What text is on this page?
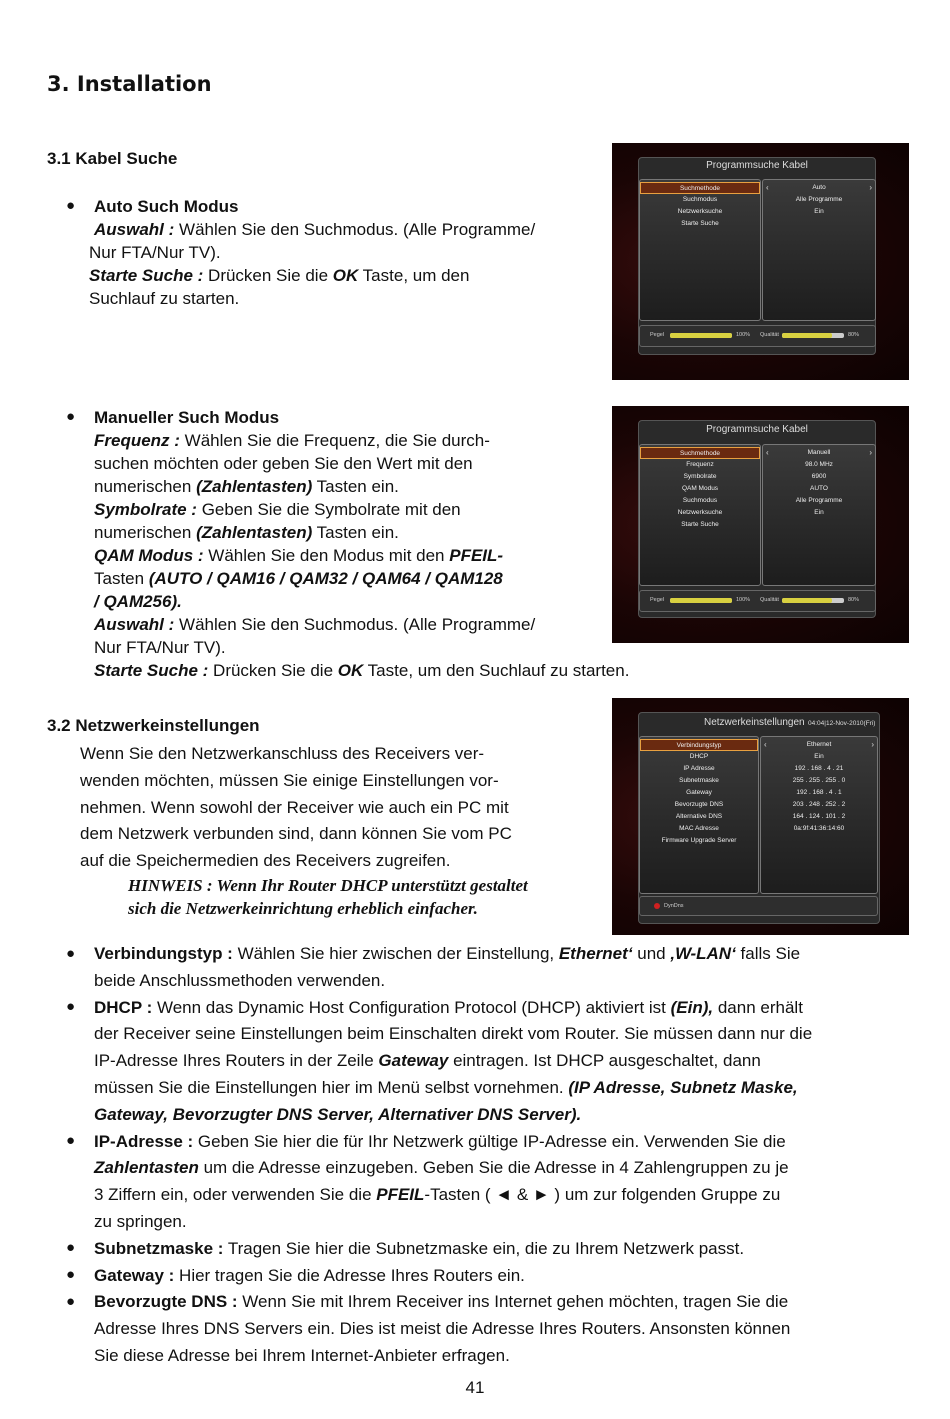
3. Installation
3.1 Kabel Suche
●
Auto Such Modus
Auswahl : Wählen Sie den Suchmodus. (Alle Programme/
Nur FTA/Nur TV).
Starte Suche : Drücken Sie die OK Taste, um den
Suchlauf zu starten.
Programmsuche Kabel
Suchmethode
Suchmodus
Netzwerksuche
Starte Suche
Auto
‹	›
Alle Programme
Ein
Pegel	100% Qualität	80%
●
Manueller Such Modus
Frequenz : Wählen Sie die Frequenz, die Sie durch-
suchen möchten oder geben Sie den Wert mit den
numerischen (Zahlentasten) Tasten ein.
Symbolrate : Geben Sie die Symbolrate mit den
numerischen (Zahlentasten) Tasten ein.
QAM Modus : Wählen Sie den Modus mit den PFEIL-
Tasten (AUTO / QAM16 / QAM32 / QAM64 / QAM128
/ QAM256).
Auswahl : Wählen Sie den Suchmodus. (Alle Programme/
Nur FTA/Nur TV).
Starte Suche : Drücken Sie die OK Taste, um den Suchlauf zu starten.
Programmsuche Kabel
Suchmethode
Frequenz
Symbolrate
QAM Modus
Suchmodus
Netzwerksuche
Starte Suche
Manuell
‹	›
98.0 MHz
6900
AUTO
Alle Programme
Ein
Pegel	100% Qualität	80%
3.2 Netzwerkeinstellungen
Wenn Sie den Netzwerkanschluss des Receivers ver-
wenden möchten, müssen Sie einige Einstellungen vor-
nehmen. Wenn sowohl der Receiver wie auch ein PC mit
dem Netzwerk verbunden sind, dann können Sie vom PC
auf die Speichermedien des Receivers zugreifen.
HINWEIS : Wenn Ihr Router DHCP unterstützt gestaltet
sich die Netzwerkeinrichtung erheblich einfacher.
Netzwerkeinstellungen 04:04|12-Nov-2010(Fri)
Verbindungstyp
DHCP
IP Adresse
Subnetmaske
Gateway
Bevorzugte DNS
Alternative DNS
MAC Adresse
Firmware Upgrade Server
Ethernet
‹	›
Ein
192 . 168 . 4 . 21
255 . 255 . 255 . 0
192 . 168 . 4 . 1
203 . 248 . 252 . 2
164 . 124 . 101 . 2
0a:9f:41:36:14:60
DynDns
Verbindungstyp : Wählen Sie hier zwischen der Einstellung, Ethernet‘ und ‚W-LAN‘ falls Sie
beide Anschlussmethoden verwenden.
DHCP : Wenn das Dynamic Host Configuration Protocol (DHCP) aktiviert ist (Ein), dann erhält
der Receiver seine Einstellungen beim Einschalten direkt vom Router. Sie müssen dann nur die
IP-Adresse Ihres Routers in der Zeile Gateway eintragen. Ist DHCP ausgeschaltet, dann
müssen Sie die Einstellungen hier im Menü selbst vornehmen. (IP Adresse, Subnetz Maske,
Gateway, Bevorzugter DNS Server, Alternativer DNS Server).
IP-Adresse : Geben Sie hier die für Ihr Netzwerk gültige IP-Adresse ein. Verwenden Sie die
Zahlentasten um die Adresse einzugeben. Geben Sie die Adresse in 4 Zahlengruppen zu je
3 Ziffern ein, oder verwenden Sie die PFEIL-Tasten ( ◄ & ► ) um zur folgenden Gruppe zu
zu springen.
Subnetzmaske : Tragen Sie hier die Subnetzmaske ein, die zu Ihrem Netzwerk passt.
Gateway : Hier tragen Sie die Adresse Ihres Routers ein.
Bevorzugte DNS : Wenn Sie mit Ihrem Receiver ins Internet gehen möchten, tragen Sie die
Adresse Ihres DNS Servers ein. Dies ist meist die Adresse Ihres Routers. Ansonsten können
Sie diese Adresse bei Ihrem Internet-Anbieter erfragen.
●
●
●
●
●
●
41
